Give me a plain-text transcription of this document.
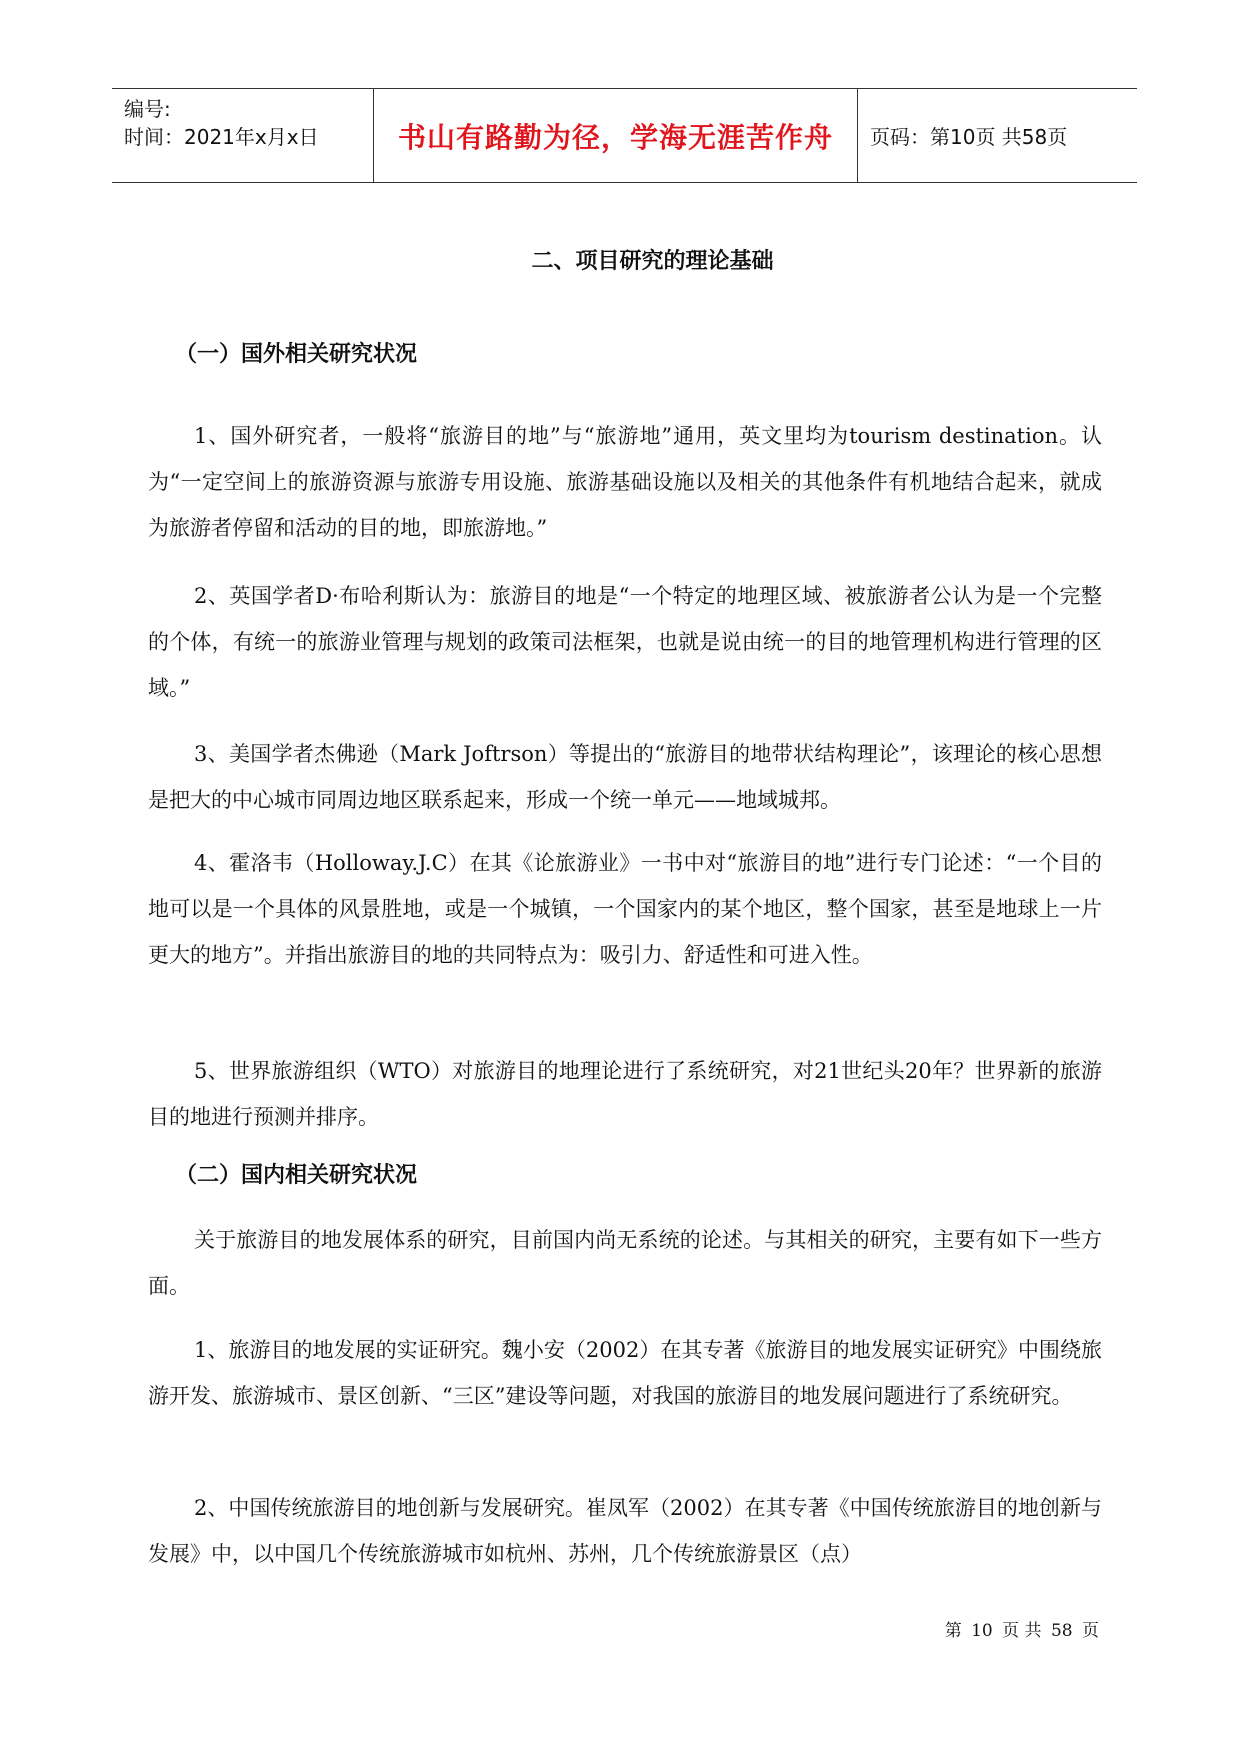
编号:
时间：2021年x月x日	书山有路勤为径，学海无涯苦作舟 页码：第10页 共58页
二、项目研究的理论基础
（一）国外相关研究状况
1、国外研究者，一般将“旅游目的地”与“旅游地”通用，英文里均为tourism destination。认为“一定空间上的旅游资源与旅游专用设施、旅游基础设施以及相关的其他条件有机地结合起来，就成为旅游者停留和活动的目的地，即旅游地。”
2、英国学者D·布哈利斯认为：旅游目的地是“一个特定的地理区域、被旅游者公认为是一个完整的个体，有统一的旅游业管理与规划的政策司法框架，也就是说由统一的目的地管理机构进行管理的区域。”
3、美国学者杰佛逊（Mark Joftrson）等提出的“旅游目的地带状结构理论”，该理论的核心思想是把大的中心城市同周边地区联系起来，形成一个统一单元——地域城邦。
4、霍洛韦（Holloway.J.C）在其《论旅游业》一书中对“旅游目的地”进行专门论述：“一个目的地可以是一个具体的风景胜地，或是一个城镇，一个国家内的某个地区，整个国家，甚至是地球上一片更大的地方”。并指出旅游目的地的共同特点为：吸引力、舒适性和可进入性。
5、世界旅游组织（WTO）对旅游目的地理论进行了系统研究，对21世纪头20年？世界新的旅游目的地进行预测并排序。
（二）国内相关研究状况
关于旅游目的地发展体系的研究，目前国内尚无系统的论述。与其相关的研究，主要有如下一些方面。
1、旅游目的地发展的实证研究。魏小安（2002）在其专著《旅游目的地发展实证研究》中围绕旅游开发、旅游城市、景区创新、“三区”建设等问题，对我国的旅游目的地发展问题进行了系统研究。
2、中国传统旅游目的地创新与发展研究。崔凤军（2002）在其专著《中国传统旅游目的地创新与发展》中，以中国几个传统旅游城市如杭州、苏州，几个传统旅游景区（点）
第 10 页 共 58 页
